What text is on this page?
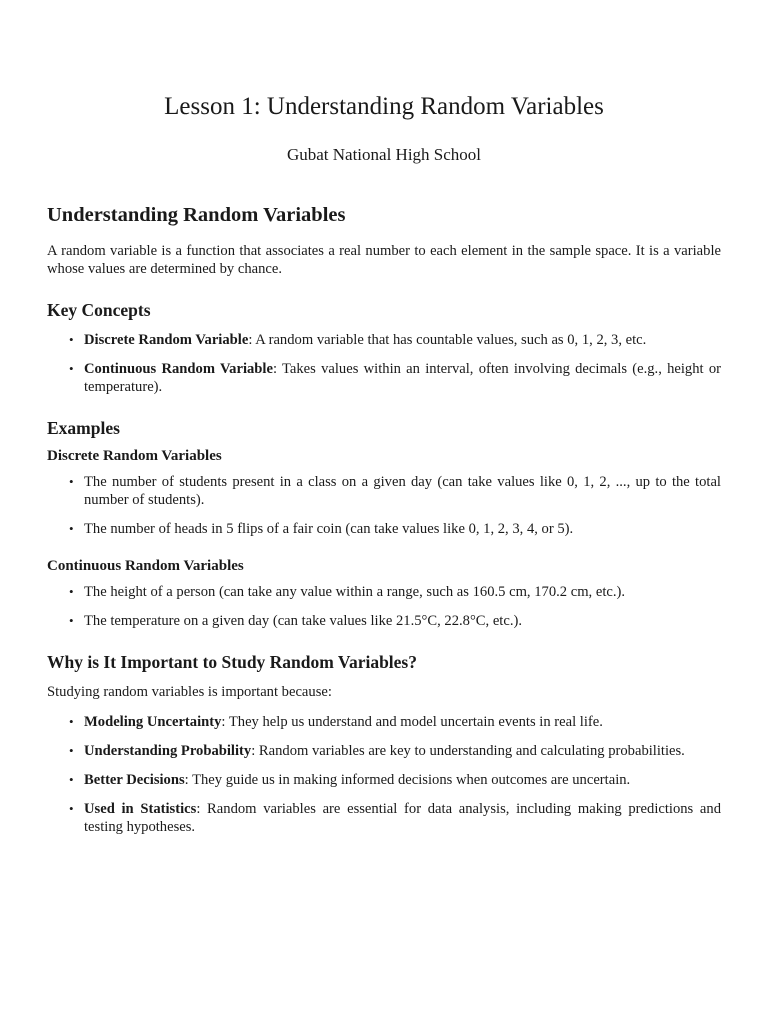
Lesson 1: Understanding Random Variables
Gubat National High School
Understanding Random Variables

A random variable is a function that associates a real number to each element in the sample space. It is a variable whose values are determined by chance.

Key Concepts
• Discrete Random Variable: A random variable that has countable values, such as 0, 1, 2, 3, etc.
• Continuous Random Variable: Takes values within an interval, often involving decimals (e.g., height or temperature).
Examples
Discrete Random Variables
• The number of students present in a class on a given day (can take values like 0, 1, 2, ..., up to the total number of students).
• The number of heads in 5 flips of a fair coin (can take values like 0, 1, 2, 3, 4, or 5).
Continuous Random Variables
• The height of a person (can take any value within a range, such as 160.5 cm, 170.2 cm, etc.).
• The temperature on a given day (can take values like 21.5°C, 22.8°C, etc.).
Why is It Important to Study Random Variables?

Studying random variables is important because:

• Modeling Uncertainty: They help us understand and model uncertain events in real life.
• Understanding Probability: Random variables are key to understanding and calculating probabilities.
• Better Decisions: They guide us in making informed decisions when outcomes are uncertain.
• Used in Statistics: Random variables are essential for data analysis, including making predictions and testing hypotheses.
